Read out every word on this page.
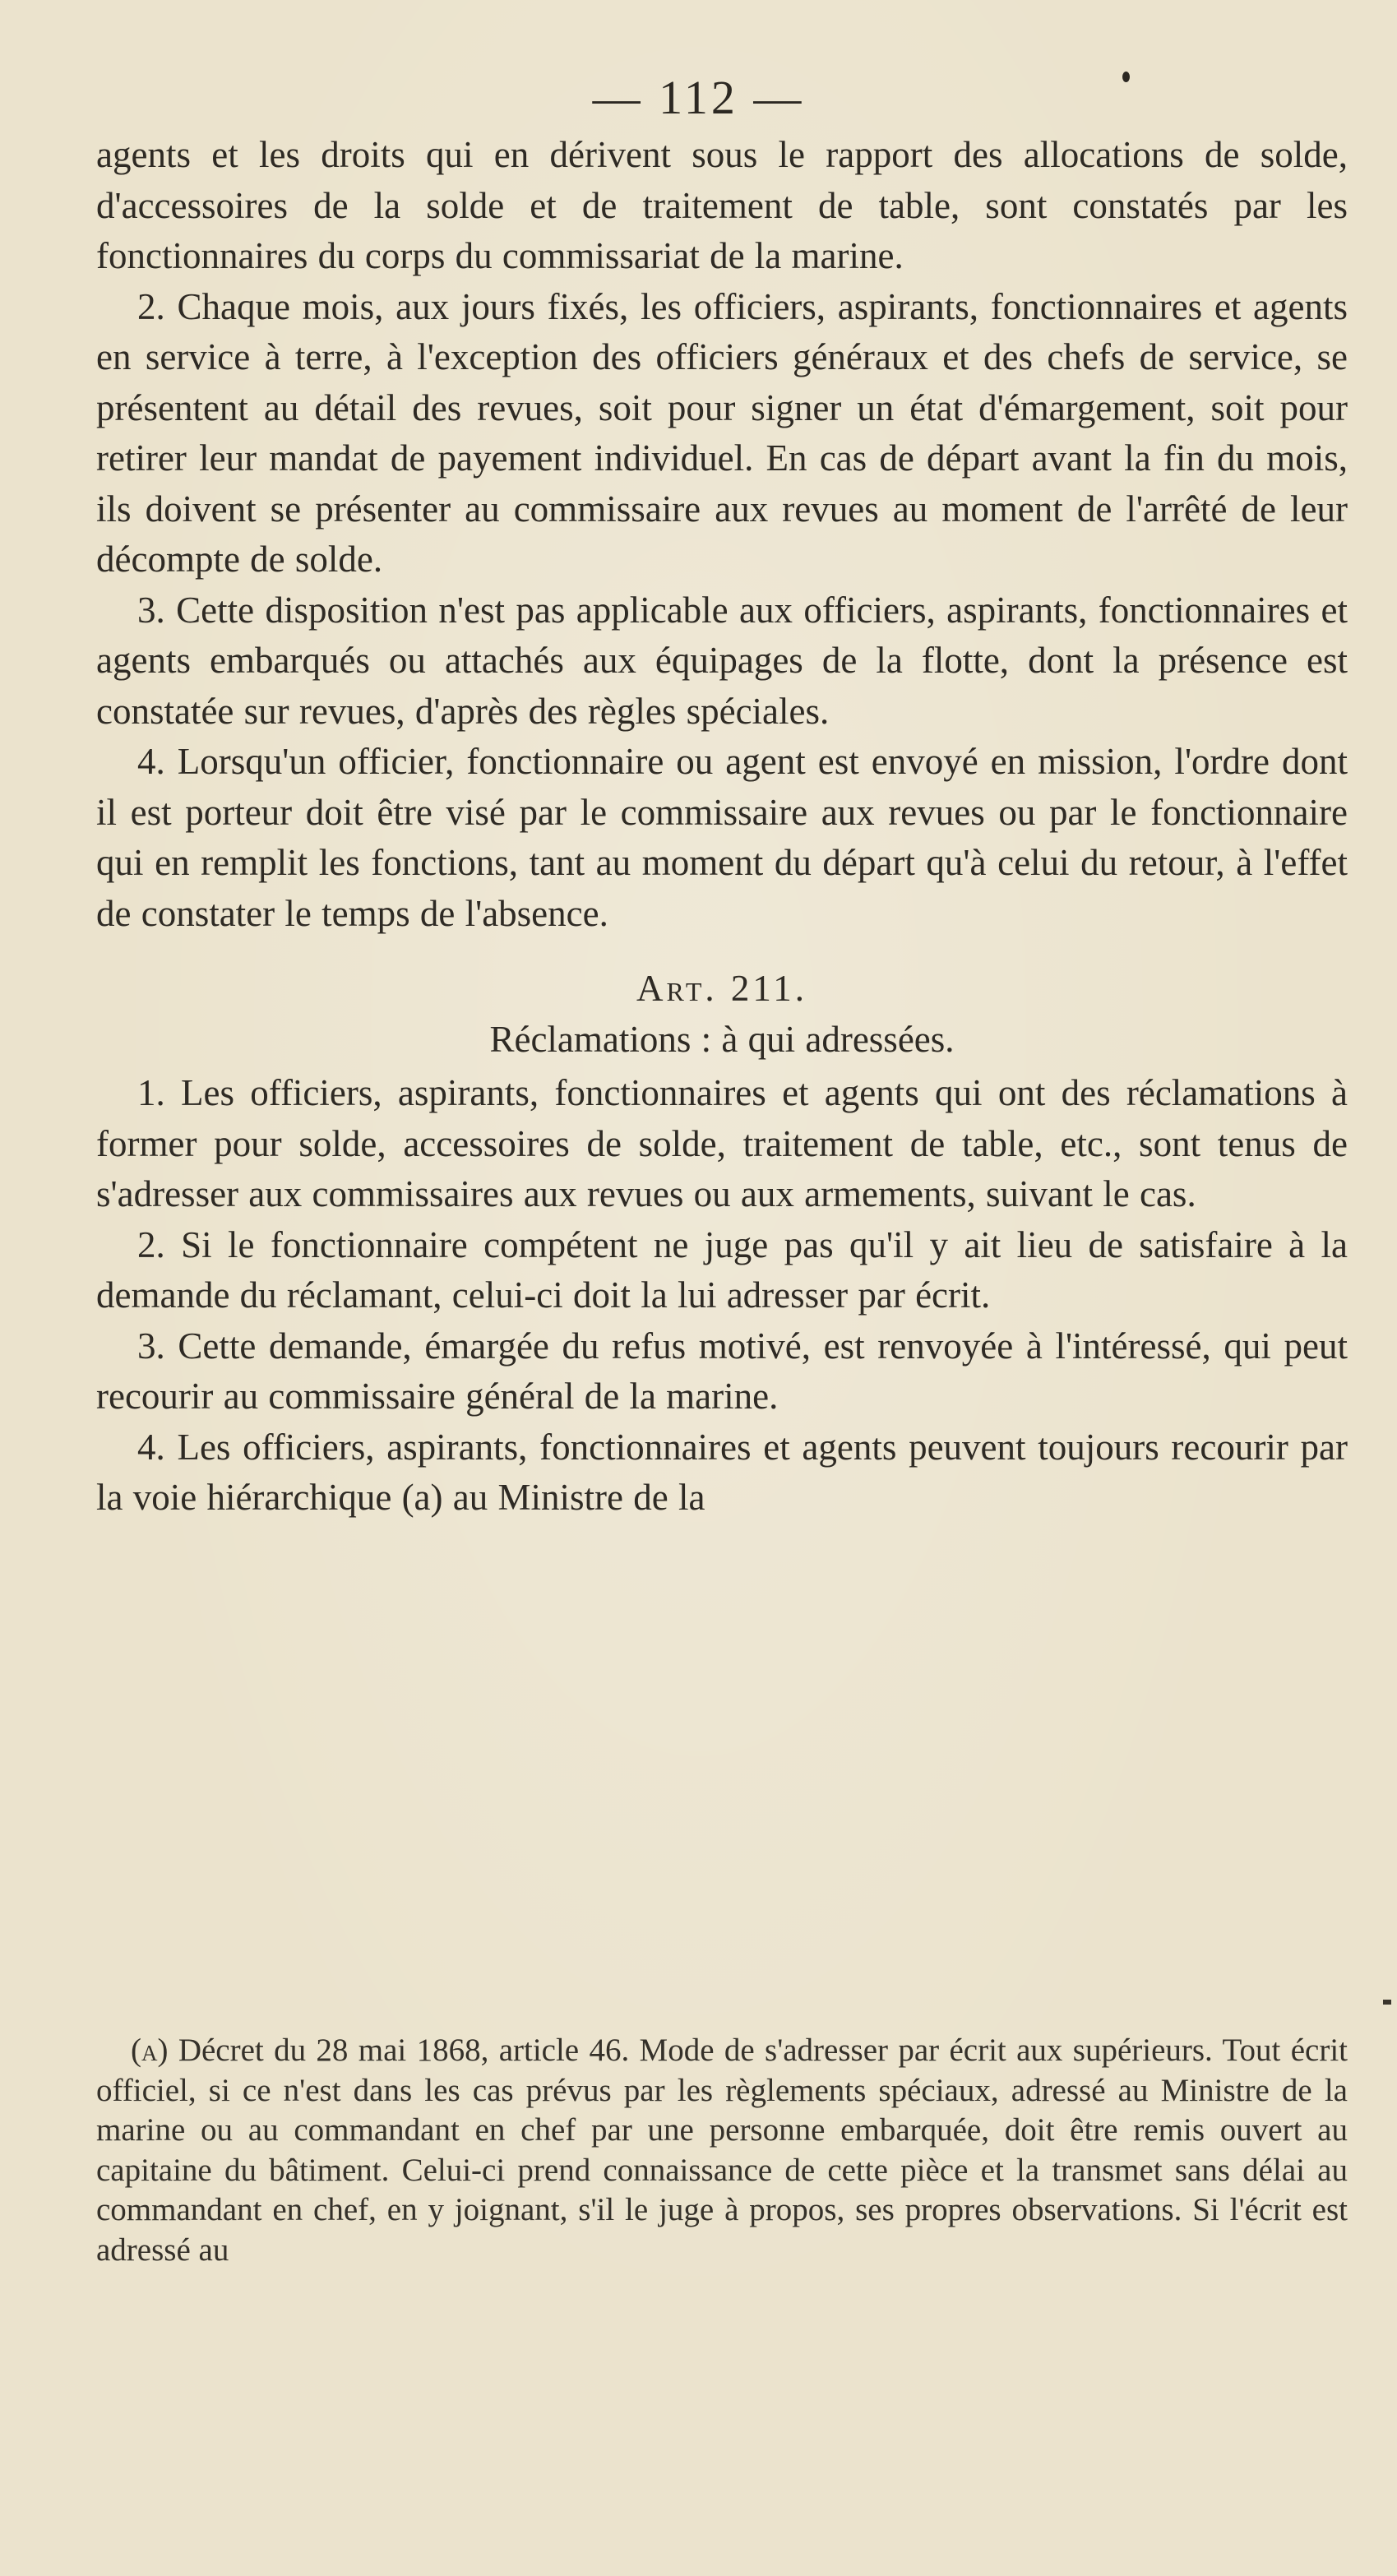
— 112 —

agents et les droits qui en dérivent sous le rapport des allocations de solde, d'accessoires de la solde et de traitement de table, sont constatés par les fonctionnaires du corps du commissariat de la marine.

2. Chaque mois, aux jours fixés, les officiers, aspirants, fonctionnaires et agents en service à terre, à l'exception des officiers généraux et des chefs de service, se présentent au détail des revues, soit pour signer un état d'émargement, soit pour retirer leur mandat de payement individuel. En cas de départ avant la fin du mois, ils doivent se présenter au commissaire aux revues au moment de l'arrêté de leur décompte de solde.

3. Cette disposition n'est pas applicable aux officiers, aspirants, fonctionnaires et agents embarqués ou attachés aux équipages de la flotte, dont la présence est constatée sur revues, d'après des règles spéciales.

4. Lorsqu'un officier, fonctionnaire ou agent est envoyé en mission, l'ordre dont il est porteur doit être visé par le commissaire aux revues ou par le fonctionnaire qui en remplit les fonctions, tant au moment du départ qu'à celui du retour, à l'effet de constater le temps de l'absence.

Art. 211.

Réclamations : à qui adressées.

1. Les officiers, aspirants, fonctionnaires et agents qui ont des réclamations à former pour solde, accessoires de solde, traitement de table, etc., sont tenus de s'adresser aux commissaires aux revues ou aux armements, suivant le cas.

2. Si le fonctionnaire compétent ne juge pas qu'il y ait lieu de satisfaire à la demande du réclamant, celui-ci doit la lui adresser par écrit.

3. Cette demande, émargée du refus motivé, est renvoyée à l'intéressé, qui peut recourir au commissaire général de la marine.

4. Les officiers, aspirants, fonctionnaires et agents peuvent toujours recourir par la voie hiérarchique (a) au Ministre de la

(a) Décret du 28 mai 1868, article 46. Mode de s'adresser par écrit aux supérieurs. Tout écrit officiel, si ce n'est dans les cas prévus par les règlements spéciaux, adressé au Ministre de la marine ou au commandant en chef par une personne embarquée, doit être remis ouvert au capitaine du bâtiment. Celui-ci prend connaissance de cette pièce et la transmet sans délai au commandant en chef, en y joignant, s'il le juge à propos, ses propres observations. Si l'écrit est adressé au
